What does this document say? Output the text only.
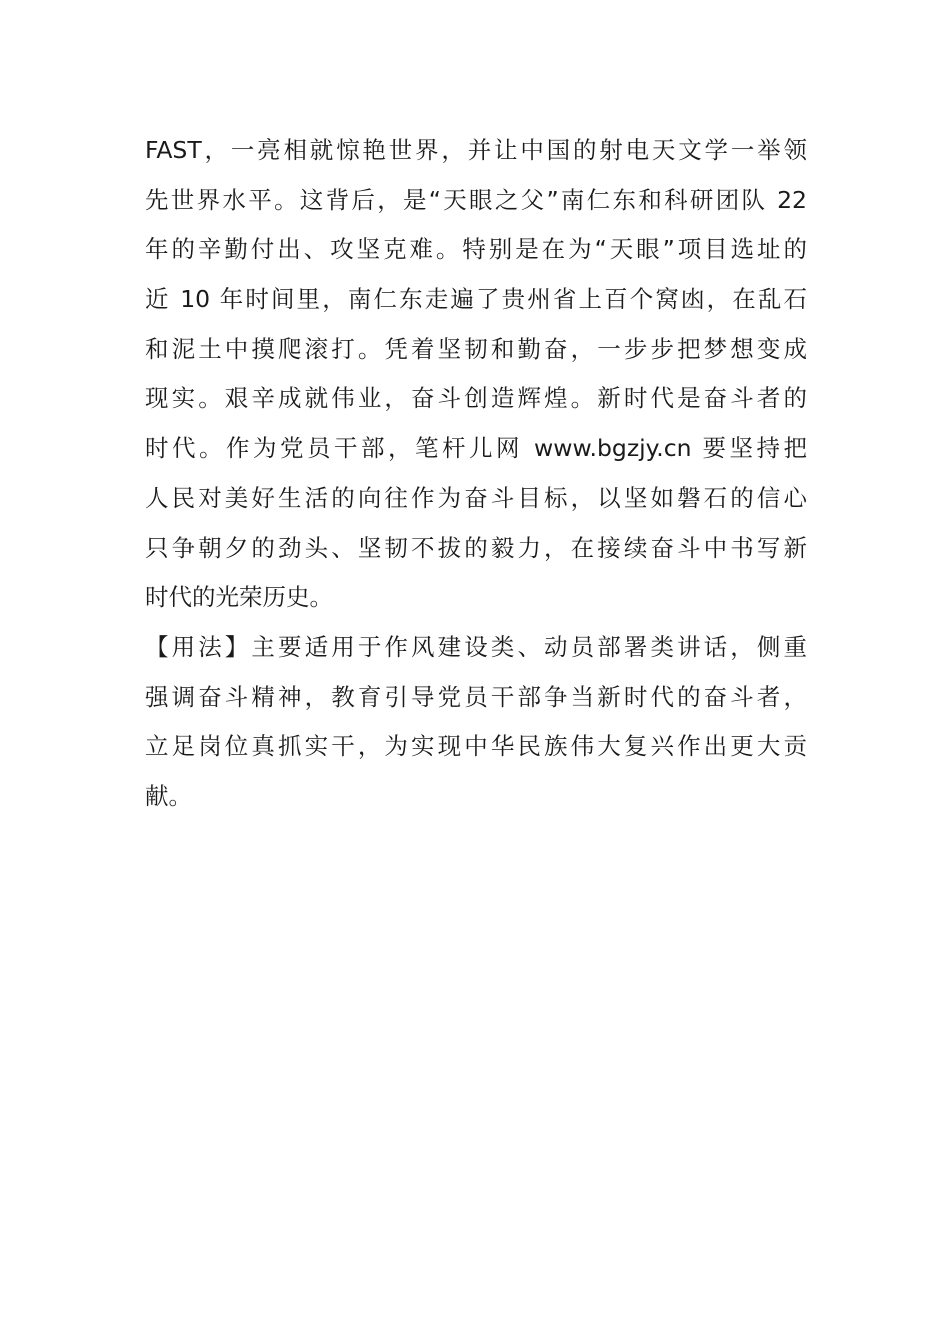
FAST，一亮相就惊艳世界，并让中国的射电天文学一举领
先世界水平。这背后，是“天眼之父”南仁东和科研团队 22
年的辛勤付出、攻坚克难。特别是在为“天眼”项目选址的
近 10 年时间里，南仁东走遍了贵州省上百个窝凼，在乱石
和泥土中摸爬滚打。凭着坚韧和勤奋，一步步把梦想变成
现实。艰辛成就伟业，奋斗创造辉煌。新时代是奋斗者的
时代。作为党员干部，笔杆儿网 www.bgzjy.cn 要坚持把
人民对美好生活的向往作为奋斗目标，以坚如磐石的信心
只争朝夕的劲头、坚韧不拔的毅力，在接续奋斗中书写新
时代的光荣历史。
【用法】主要适用于作风建设类、动员部署类讲话，侧重
强调奋斗精神，教育引导党员干部争当新时代的奋斗者，
立足岗位真抓实干，为实现中华民族伟大复兴作出更大贡
献。
